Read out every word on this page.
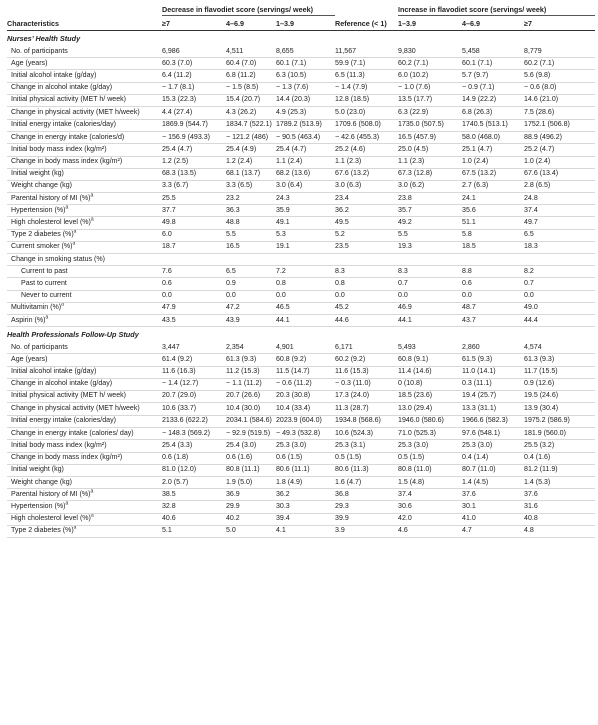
	Decrease in flavodiet score (servings/ week)				Increase in flavodiet score (servings/ week)		
Characteristics	≥7	4–6.9	1–3.9	Reference (< 1)	1–3.9	4–6.9	≥7
Nurses’ Health Study							
No. of participants	6,986	4,511	8,655	11,567	9,830	5,458	8,779
Age (years)	60.3 (7.0)	60.4 (7.0)	60.1 (7.1)	59.9 (7.1)	60.2 (7.1)	60.1 (7.1)	60.2 (7.1)
Initial alcohol intake (g/day)	6.4 (11.2)	6.8 (11.2)	6.3 (10.5)	6.5 (11.3)	6.0 (10.2)	5.7 (9.7)	5.6 (9.8)
Change in alcohol intake (g/day)	− 1.7 (8.1)	− 1.5 (8.5)	− 1.3 (7.6)	− 1.4 (7.9)	− 1.0 (7.6)	− 0.9 (7.1)	− 0.6 (8.0)
Initial physical activity (MET h/ week)	15.3 (22.3)	15.4 (20.7)	14.4 (20.3)	12.8 (18.5)	13.5 (17.7)	14.9 (22.2)	14.6 (21.0)
Change in physical activity (MET h/week)	4.4 (27.4)	4.3 (26.2)	4.9 (25.3)	5.0 (23.0)	6.3 (22.9)	6.8 (26.3)	7.5 (28.6)
Initial energy intake (calories/day)	1869.9 (544.7)	1834.7 (522.1)	1789.2 (513.9)	1709.6 (508.0)	1735.0 (507.5)	1740.5 (513.1)	1752.1 (506.8)
Change in energy intake (calories/d)	− 156.9 (493.3)	− 121.2 (486)	− 90.5 (463.4)	− 42.6 (455.3)	16.5 (457.9)	58.0 (468.0)	88.9 (496.2)
Initial body mass index (kg/m²)	25.4 (4.7)	25.4 (4.9)	25.4 (4.7)	25.2 (4.6)	25.0 (4.5)	25.1 (4.7)	25.2 (4.7)
Change in body mass index (kg/m²)	1.2 (2.5)	1.2 (2.4)	1.1 (2.4)	1.1 (2.3)	1.1 (2.3)	1.0 (2.4)	1.0 (2.4)
Initial weight (kg)	68.3 (13.5)	68.1 (13.7)	68.2 (13.6)	67.6 (13.2)	67.3 (12.8)	67.5 (13.2)	67.6 (13.4)
Weight change (kg)	3.3 (6.7)	3.3 (6.5)	3.0 (6.4)	3.0 (6.3)	3.0 (6.2)	2.7 (6.3)	2.8 (6.5)
Parental history of MI (%)$^a$	25.5	23.2	24.3	23.4	23.8	24.1	24.8
Hypertension (%)$^a$	37.7	36.3	35.9	36.2	35.7	35.6	37.4
High cholesterol level (%)$^a$	49.8	48.8	49.1	49.5	49.2	51.1	49.7
Type 2 diabetes (%)$^a$	6.0	5.5	5.3	5.2	5.5	5.8	6.5
Current smoker (%)$^a$	18.7	16.5	19.1	23.5	19.3	18.5	18.3
Change in smoking status (%)							
Current to past	7.6	6.5	7.2	8.3	8.3	8.8	8.2
Past to current	0.6	0.9	0.8	0.8	0.7	0.6	0.7
Never to current	0.0	0.0	0.0	0.0	0.0	0.0	0.0
Multivitamin (%)$^a$	47.9	47.2	46.5	45.2	46.9	48.7	49.0
Aspirin (%)$^a$	43.5	43.9	44.1	44.6	44.1	43.7	44.4
Health Professionals Follow-Up Study							
No. of participants	3,447	2,354	4,901	6,171	5,493	2,860	4,574
Age (years)	61.4 (9.2)	61.3 (9.3)	60.8 (9.2)	60.2 (9.2)	60.8 (9.1)	61.5 (9.3)	61.3 (9.3)
Initial alcohol intake (g/day)	11.6 (16.3)	11.2 (15.3)	11.5 (14.7)	11.6 (15.3)	11.4 (14.6)	11.0 (14.1)	11.7 (15.5)
Change in alcohol intake (g/day)	− 1.4 (12.7)	− 1.1 (11.2)	− 0.6 (11.2)	− 0.3 (11.0)	0 (10.8)	0.3 (11.1)	0.9 (12.6)
Initial physical activity (MET h/ week)	20.7 (29.0)	20.7 (26.6)	20.3 (30.8)	17.3 (24.0)	18.5 (23.6)	19.4 (25.7)	19.5 (24.6)
Change in physical activity (MET h/week)	10.6 (33.7)	10.4 (30.0)	10.4 (33.4)	11.3 (28.7)	13.0 (29.4)	13.3 (31.1)	13.9 (30.4)
Initial energy intake (calories/day)	2133.6 (622.2)	2034.1 (584.6)	2023.9 (604.0)	1934.8 (568.6)	1946.0 (580.6)	1966.6 (582.3)	1975.2 (586.9)
Change in energy intake (calories/ day)	− 148.3 (569.2)	− 92.9 (519.5)	− 49.3 (532.8)	10.6 (524.3)	71.0 (525.3)	97.6 (548.1)	181.9 (560.0)
Initial body mass index (kg/m²)	25.4 (3.3)	25.4 (3.0)	25.3 (3.0)	25.3 (3.1)	25.3 (3.0)	25.3 (3.0)	25.5 (3.2)
Change in body mass index (kg/m²)	0.6 (1.8)	0.6 (1.6)	0.6 (1.5)	0.5 (1.5)	0.5 (1.5)	0.4 (1.4)	0.4 (1.6)
Initial weight (kg)	81.0 (12.0)	80.8 (11.1)	80.6 (11.1)	80.6 (11.3)	80.8 (11.0)	80.7 (11.0)	81.2 (11.9)
Weight change (kg)	2.0 (5.7)	1.9 (5.0)	1.8 (4.9)	1.6 (4.7)	1.5 (4.8)	1.4 (4.5)	1.4 (5.3)
Parental history of MI (%)$^a$	38.5	36.9	36.2	36.8	37.4	37.6	37.6
Hypertension (%)$^a$	32.8	29.9	30.3	29.3	30.6	30.1	31.6
High cholesterol level (%)$^a$	40.6	40.2	39.4	39.9	42.0	41.0	40.8
Type 2 diabetes (%)$^a$	5.1	5.0	4.1	3.9	4.6	4.7	4.8
